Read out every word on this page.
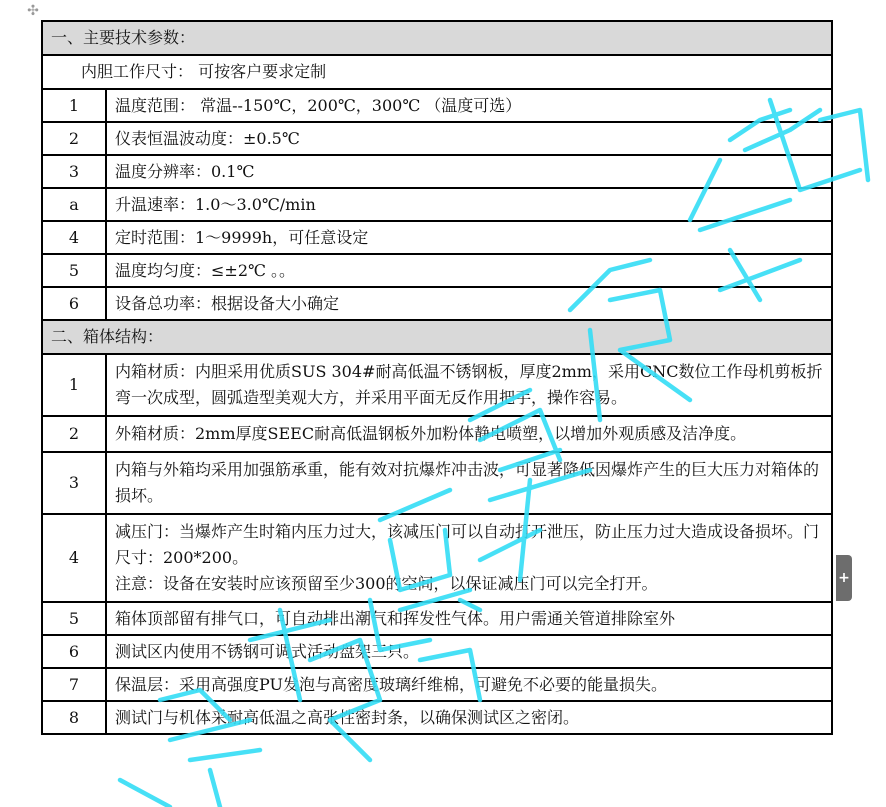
✣
一、主要技术参数：	
内胆工作尺寸： 可按客户要求定制	
1	温度范围： 常温--150℃，200℃，300℃ （温度可选）
2	仪表恒温波动度：±0.5℃
3	温度分辨率：0.1℃
a	升温速率：1.0～3.0℃/min
4	定时范围：1～9999h，可任意设定
5	温度均匀度：≤±2℃ 。。
6	设备总功率：根据设备大小确定
二、箱体结构：	
1	内箱材质：内胆采用优质SUS 304#耐高低温不锈钢板，厚度2mm，采用CNC数位工作母机剪板折弯一次成型，圆弧造型美观大方，并采用平面无反作用把手，操作容易。
2	外箱材质：2mm厚度SEEC耐高低温钢板外加粉体静电喷塑，以增加外观质感及洁净度。
3	内箱与外箱均采用加强筋承重，能有效对抗爆炸冲击波，可显著降低因爆炸产生的巨大压力对箱体的损坏。
4	减压门：当爆炸产生时箱内压力过大，该减压门可以自动打开泄压，防止压力过大造成设备损坏。门尺寸：200*200。
注意：设备在安装时应该预留至少300的空间，以保证减压门可以完全打开。

5	箱体顶部留有排气口，可自动排出潮气和挥发性气体。用户需通关管道排除室外
6	测试区内使用不锈钢可调式活动盘架三只。
7	保温层：采用高强度PU发泡与高密度玻璃纤维棉，可避免不必要的能量损失。
8	测试门与机体采耐高低温之高张性密封条，以确保测试区之密闭。
+
